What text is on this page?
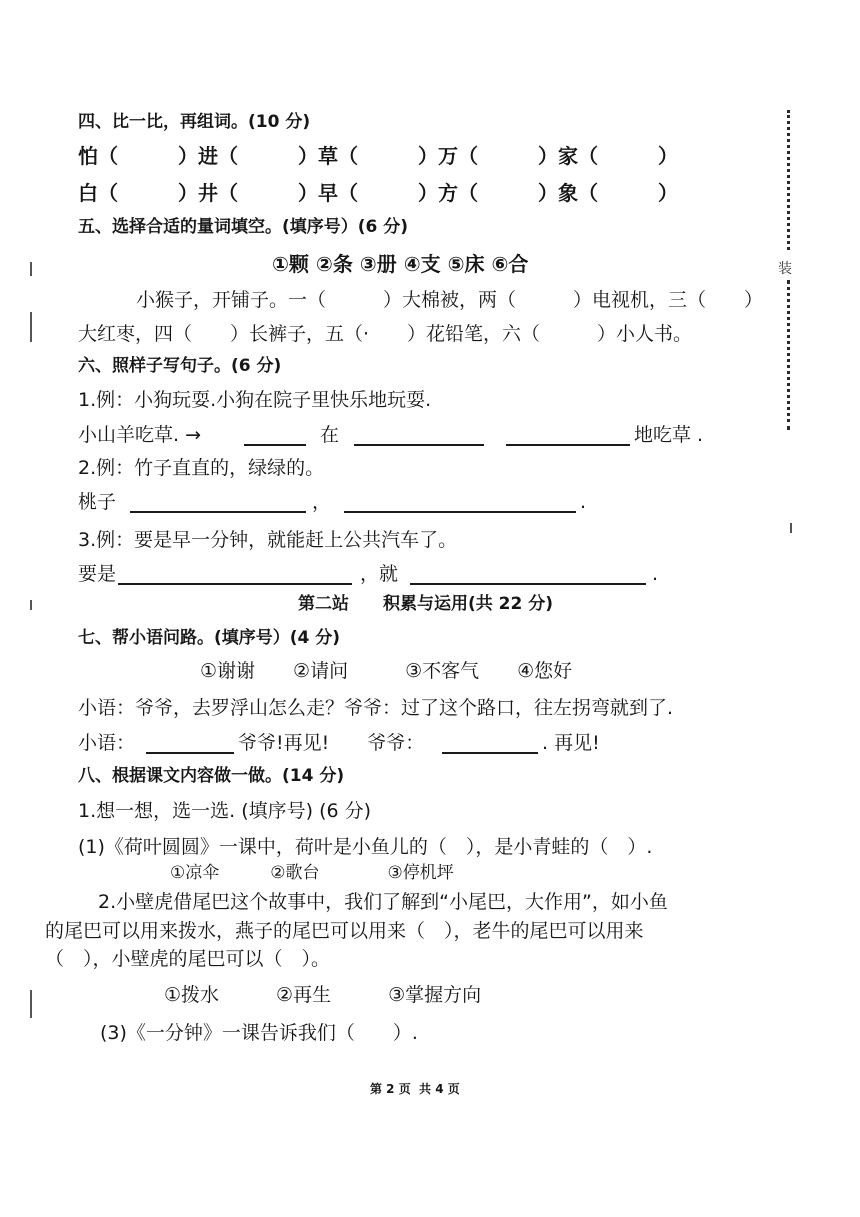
四、比一比，再组词。(10 分)
怕（　　　）进（　　　）草（　　　）万（　　　）家（　　　）
白（　　　）井（　　　）早（　　　）方（　　　）象（　　　）
五、选择合适的量词填空。(填序号）(6 分)
①颗 ②条 ③册 ④支 ⑤床 ⑥合
小猴子，开铺子。一（　　　）大棉被，两（　　　）电视机，三（　　）
大红枣，四（　　）长裤子，五（·　　）花铅笔，六（　　　）小人书。
六、照样子写句子。(6 分)
1.例：小狗玩耍.小狗在院子里快乐地玩耍.
小山羊吃草. →	在	地吃草 .
2.例：竹子直直的，绿绿的。
桃子	，	.
3.例：要是早一分钟，就能赶上公共汽车了。
要是	，就	.
第二站　　积累与运用(共 22 分)
七、帮小语问路。(填序号）(4 分)
①谢谢　　②请问　　　③不客气　　④您好
小语：爷爷，去罗浮山怎么走？爷爷：过了这个路口，往左拐弯就到了.
小语：	爷爷!再见!　　爷爷：	. 再见!
八、根据课文内容做一做。(14 分)
1.想一想，选一选. (填序号) (6 分)
(1)《荷叶圆圆》一课中，荷叶是小鱼儿的（　），是小青蛙的（　）.
①凉伞　　　②歌台　　　　③停机坪
2.小壁虎借尾巴这个故事中，我们了解到“小尾巴，大作用”，如小鱼
的尾巴可以用来拨水，燕子的尾巴可以用来（　），老牛的尾巴可以用来
（　），小壁虎的尾巴可以（　）。
①拨水　　　②再生　　　③掌握方向
(3)《一分钟》一课告诉我们（　　）.
第 2 页  共 4 页
装
